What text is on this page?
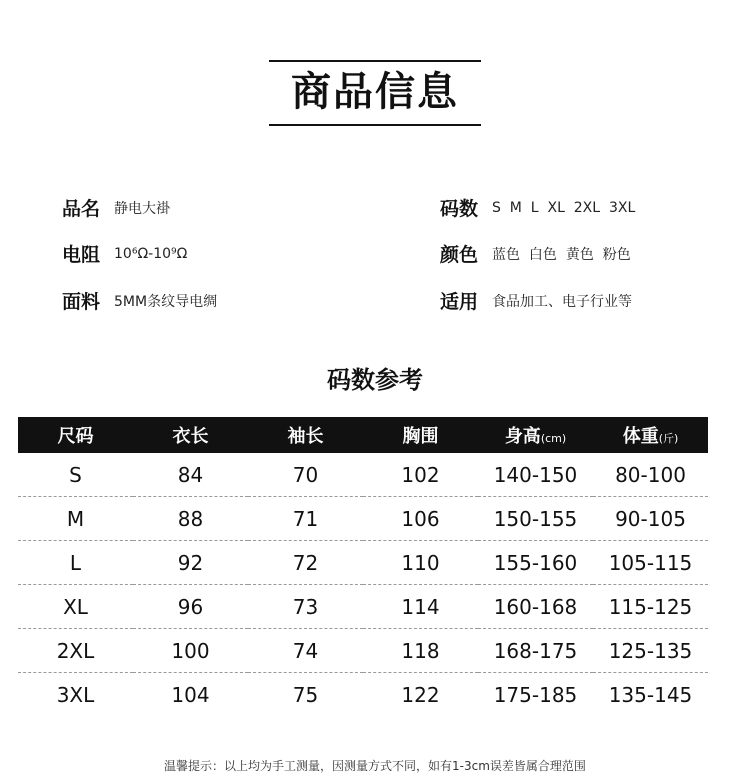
商品信息
品名 静电大褂
电阻 10⁶Ω-10⁹Ω
面料 5MM条纹导电绸
码数 S  M  L  XL  2XL  3XL
颜色 蓝色  白色  黄色  粉色
适用 食品加工、电子行业等
码数参考
尺码	衣长	袖长	胸围	身高(cm)	体重(斤)
S	84	70	102	140-150	80-100
M	88	71	106	150-155	90-105
L	92	72	110	155-160	105-115
XL	96	73	114	160-168	115-125
2XL	100	74	118	168-175	125-135
3XL	104	75	122	175-185	135-145
温馨提示：以上均为手工测量，因测量方式不同，如有1-3cm误差皆属合理范围
